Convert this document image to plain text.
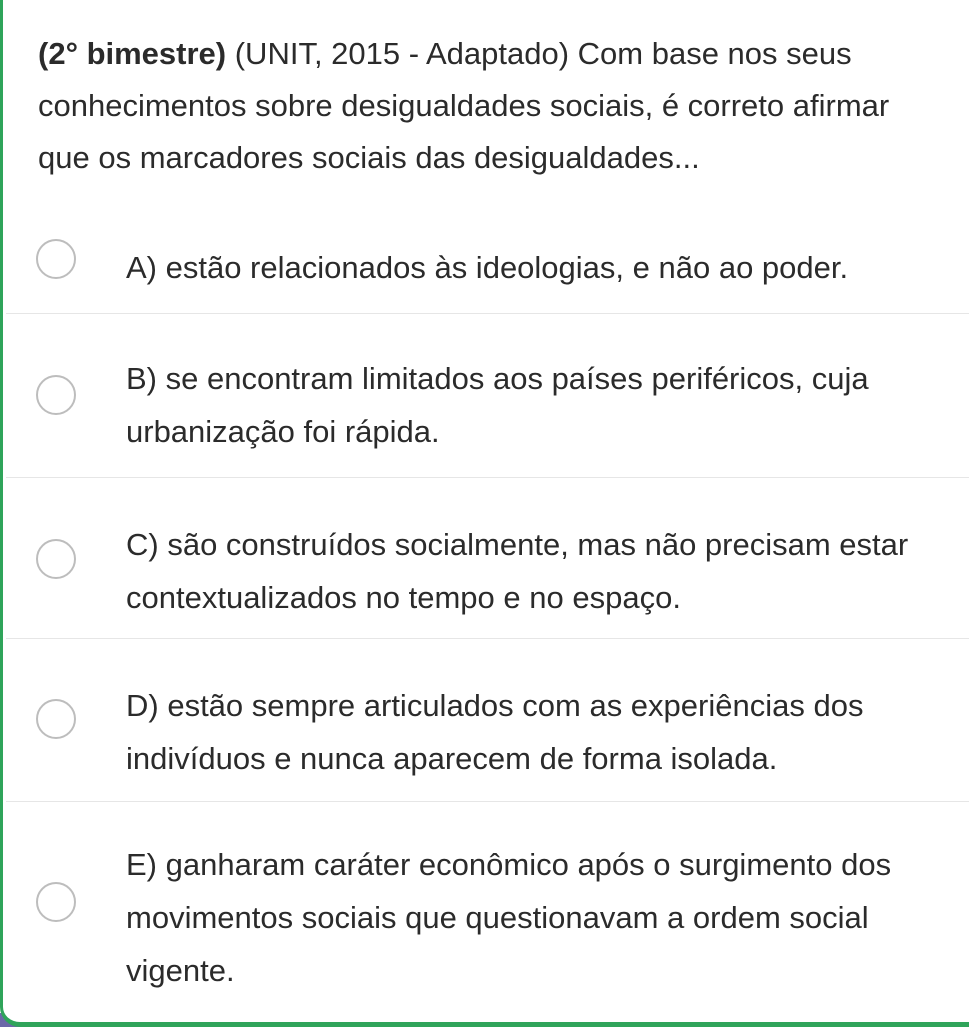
(2° bimestre) (UNIT, 2015 - Adaptado) Com base nos seus conhecimentos sobre desigualdades sociais, é correto afirmar que os marcadores sociais das desigualdades...

A) estão relacionados às ideologias, e não ao poder.
B) se encontram limitados aos países periféricos, cuja urbanização foi rápida.
C) são construídos socialmente, mas não precisam estar contextualizados no tempo e no espaço.
D) estão sempre articulados com as experiências dos indivíduos e nunca aparecem de forma isolada.
E) ganharam caráter econômico após o surgimento dos movimentos sociais que questionavam a ordem social vigente.
